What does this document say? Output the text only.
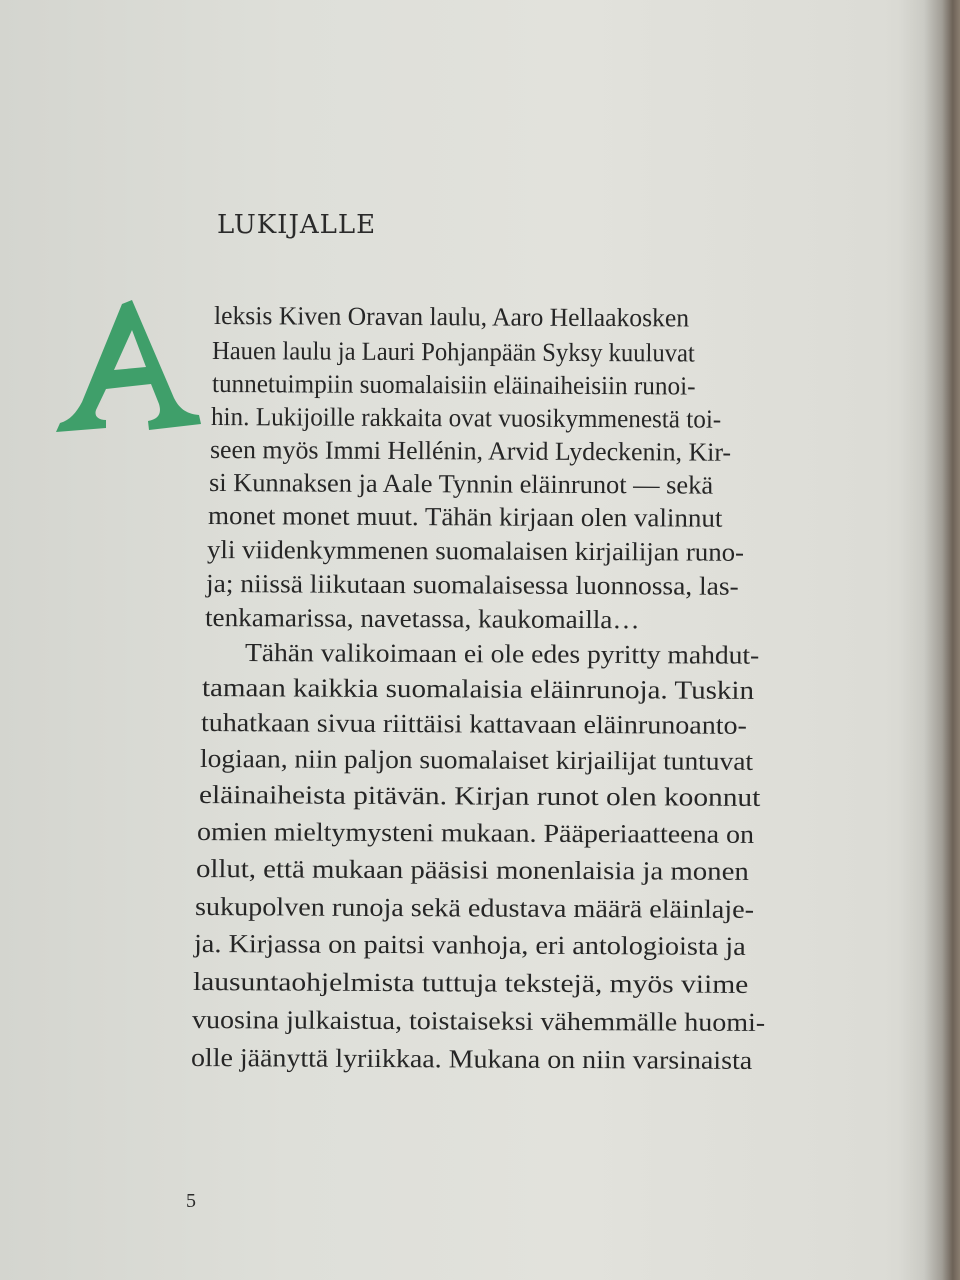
LUKIJALLE
leksis Kiven Oravan laulu, Aaro Hellaakosken
Hauen laulu ja Lauri Pohjanpään Syksy kuuluvat
tunnetuimpiin suomalaisiin eläinaiheisiin runoi-
hin. Lukijoille rakkaita ovat vuosikymmenestä toi-
seen myös Immi Hellénin, Arvid Lydeckenin, Kir-
si Kunnaksen ja Aale Tynnin eläinrunot — sekä
monet monet muut. Tähän kirjaan olen valinnut
yli viidenkymmenen suomalaisen kirjailijan runo-
ja; niissä liikutaan suomalaisessa luonnossa, las-
tenkamarissa, navetassa, kaukomailla…
Tähän valikoimaan ei ole edes pyritty mahdut-
tamaan kaikkia suomalaisia eläinrunoja. Tuskin
tuhatkaan sivua riittäisi kattavaan eläinrunoanto-
logiaan, niin paljon suomalaiset kirjailijat tuntuvat
eläinaiheista pitävän. Kirjan runot olen koonnut
omien mieltymysteni mukaan. Pääperiaatteena on
ollut, että mukaan pääsisi monenlaisia ja monen
sukupolven runoja sekä edustava määrä eläinlaje-
ja. Kirjassa on paitsi vanhoja, eri antologioista ja
lausuntaohjelmista tuttuja tekstejä, myös viime
vuosina julkaistua, toistaiseksi vähemmälle huomi-
olle jäänyttä lyriikkaa. Mukana on niin varsinaista
5
